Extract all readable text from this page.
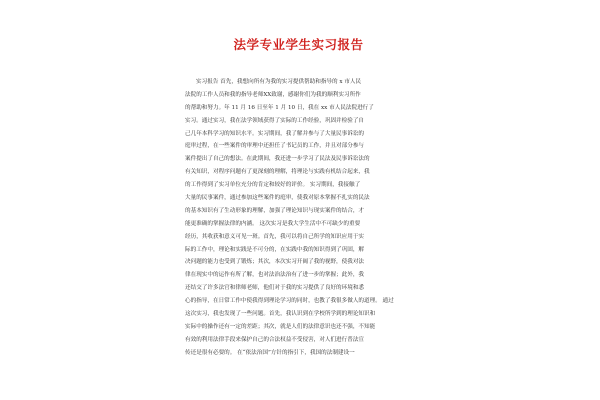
法学专业学生实习报告
实习报告 首先，我想向所有为我的实习提供帮助和指导的 x 市人民
法院的工作人员和我的指导老师XX致谢，感谢你们为我的顺利实习所作
的帮助和努力。年 11 月 16 日至年 1 月 10 日，我在 xx 市人民法院进行了
实习。通过实习，我在法学领域获得了实际的工作经验，巩固并检验了自
己几年本科学习的知识水平。实习期间，我了解并参与了大量民事诉讼的
庭审过程，在一些案件的审理中还担任了书记员的工作，并且对部分参与
案件提出了自己的想法。在此期间，我还进一步学习了民法及民事诉讼法的
有关知识，对程序问题有了更深刻的理解，将理论与实践有机结合起来，我
的工作得到了实习单位充分的肯定和较好的评价。 实习期间，我接触了
大量的民事案件，通过参加这些案件的庭审，使我对原本掌握不扎实的民法
的基本知识有了生动形象的理解，加强了理论知识与现实案件的结合，才
能更准确的掌握法律的内涵。 这次实习是我大学生活中不可缺少的重要
经历，其收获和意义可见一斑。首先，我可以将自己所学的知识应用于实
际的工作中，理论和实践是不可分的，在实践中我的知识得到了巩固，解
决问题的能力也受到了锻炼；其次，本次实习开阔了我的视野，使我对法
律在现实中的运作有所了解，也对法治法治有了进一步的掌握；此外，我
还结交了许多法官和律师老师，他们对于我的实习提供了良好的环境和悉
心的指导，在日常工作中使我得到理论学习的同时，也教了我很多做人的道理。 通过
这次实习，我也发现了一些问题。首先，我认识到在学校所学到的理论知识和
实际中的操作还有一定的差距；其次，就是人们的法律意识也还不强，不知能
有效的利用法律手段来保护自己的合法权益不受侵害，对人们进行普法宣
传还是很有必要的。 在“依法治国”方针的指引下，我国的法制建设一
